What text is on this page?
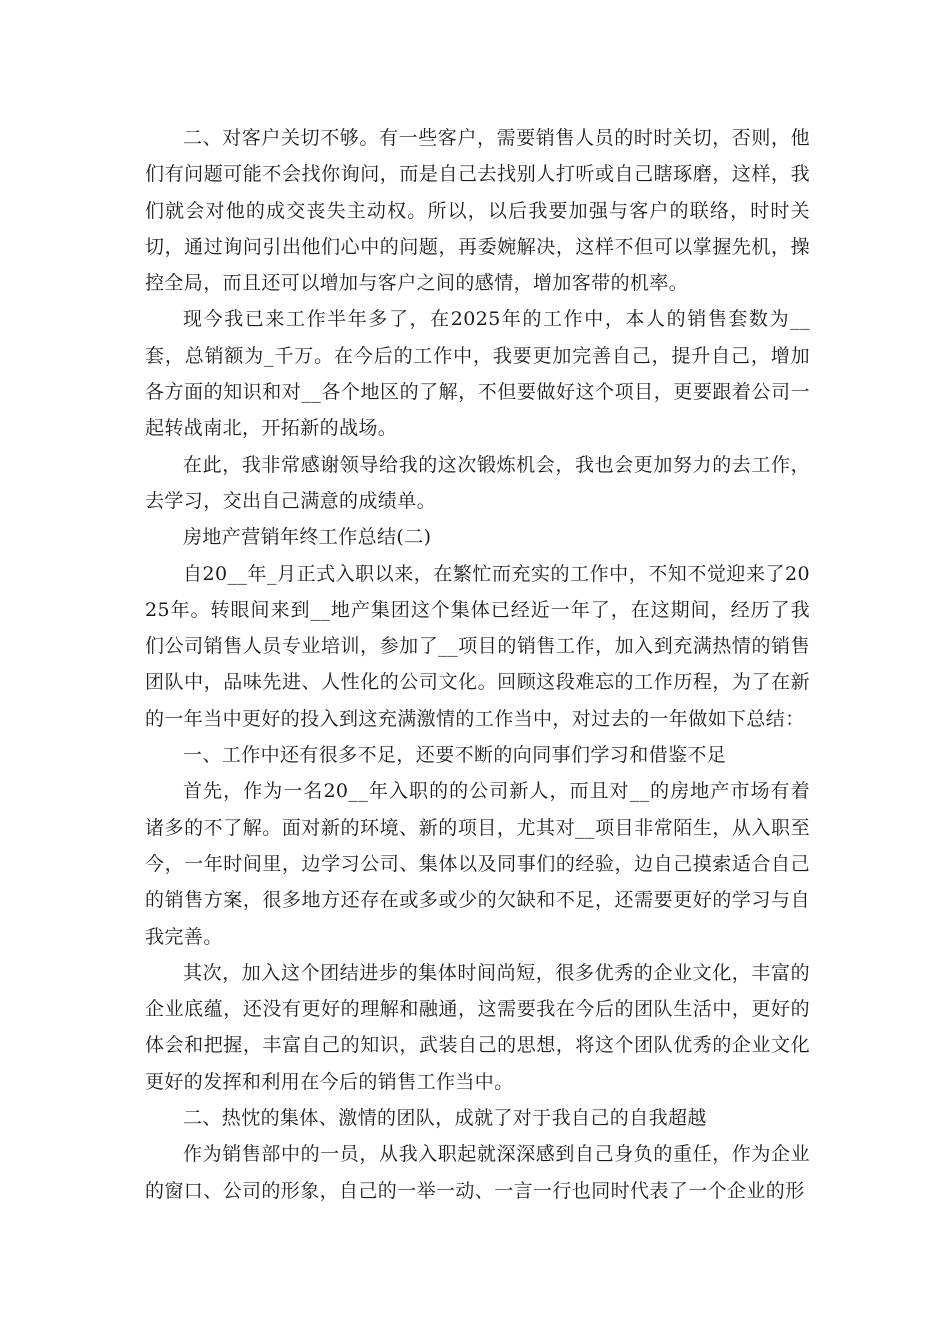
二、对客户关切不够。有一些客户，需要销售人员的时时关切，否则，他们有问题可能不会找你询问，而是自己去找别人打听或自己瞎琢磨，这样，我们就会对他的成交丧失主动权。所以，以后我要加强与客户的联络，时时关切，通过询问引出他们心中的问题，再委婉解决，这样不但可以掌握先机，操控全局，而且还可以增加与客户之间的感情，增加客带的机率。

现今我已来工作半年多了，在2025年的工作中，本人的销售套数为__套，总销额为_千万。在今后的工作中，我要更加完善自己，提升自己，增加各方面的知识和对__各个地区的了解，不但要做好这个项目，更要跟着公司一起转战南北，开拓新的战场。

在此，我非常感谢领导给我的这次锻炼机会，我也会更加努力的去工作，去学习，交出自己满意的成绩单。

房地产营销年终工作总结(二)

自20__年_月正式入职以来，在繁忙而充实的工作中，不知不觉迎来了2025年。转眼间来到__地产集团这个集体已经近一年了，在这期间，经历了我们公司销售人员专业培训，参加了__项目的销售工作，加入到充满热情的销售团队中，品味先进、人性化的公司文化。回顾这段难忘的工作历程，为了在新的一年当中更好的投入到这充满激情的工作当中，对过去的一年做如下总结：

一、工作中还有很多不足，还要不断的向同事们学习和借鉴不足

首先，作为一名20__年入职的的公司新人，而且对__的房地产市场有着诸多的不了解。面对新的环境、新的项目，尤其对__项目非常陌生，从入职至今，一年时间里，边学习公司、集体以及同事们的经验，边自己摸索适合自己的销售方案，很多地方还存在或多或少的欠缺和不足，还需要更好的学习与自我完善。

其次，加入这个团结进步的集体时间尚短，很多优秀的企业文化，丰富的企业底蕴，还没有更好的理解和融通，这需要我在今后的团队生活中，更好的体会和把握，丰富自己的知识，武装自己的思想，将这个团队优秀的企业文化更好的发挥和利用在今后的销售工作当中。

二、热忱的集体、激情的团队，成就了对于我自己的自我超越

作为销售部中的一员，从我入职起就深深感到自己身负的重任，作为企业的窗口、公司的形象，自己的一举一动、一言一行也同时代表了一个企业的形
